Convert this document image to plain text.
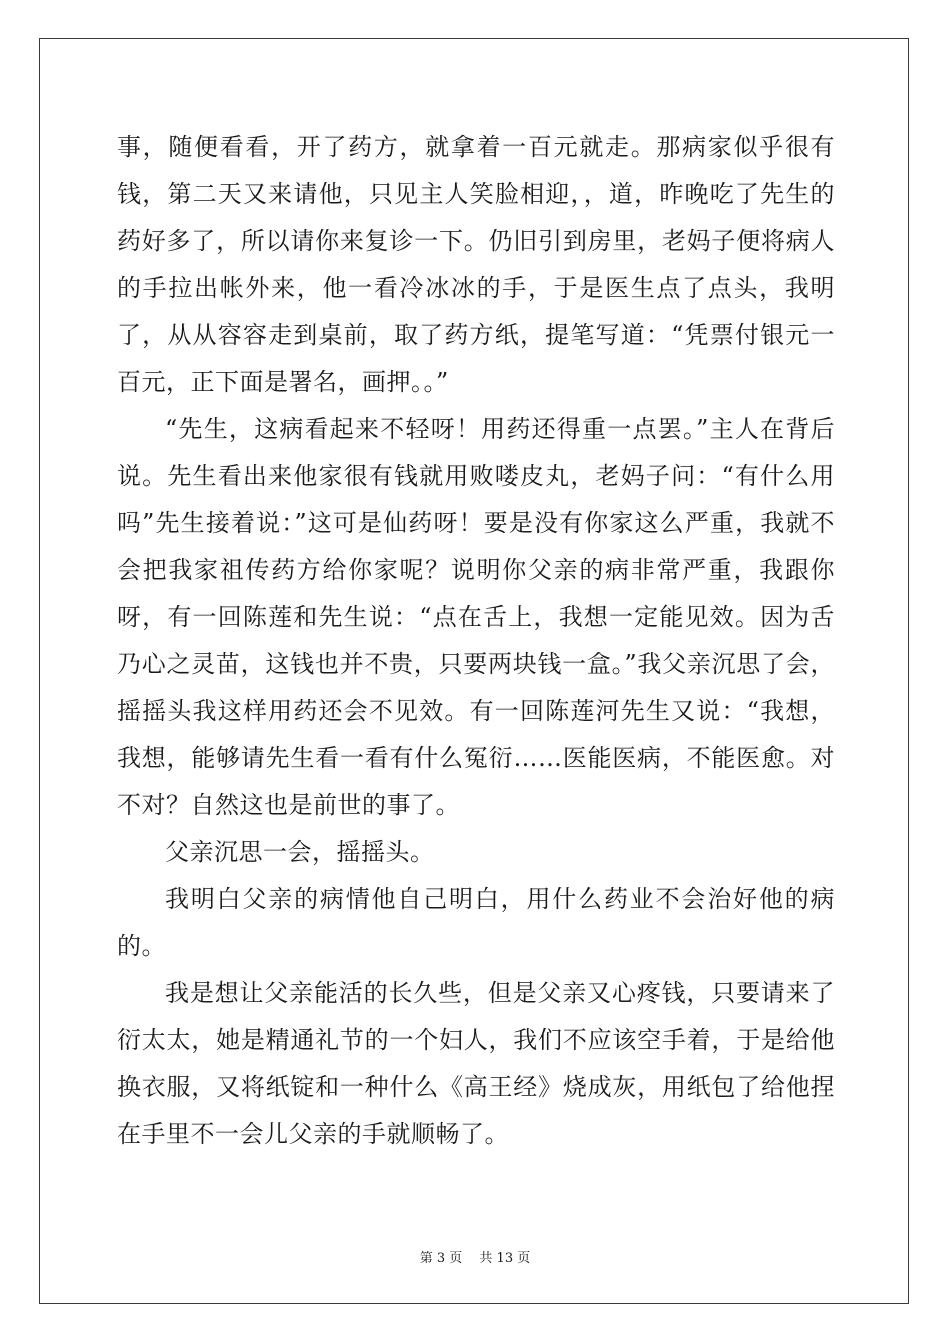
事，随便看看，开了药方，就拿着一百元就走。那病家似乎很有钱，第二天又来请他，只见主人笑脸相迎，，道，昨晚吃了先生的药好多了，所以请你来复诊一下。仍旧引到房里，老妈子便将病人的手拉出帐外来，他一看冷冰冰的手，于是医生点了点头，我明了，从从容容走到桌前，取了药方纸，提笔写道：“凭票付银元一百元，正下面是署名，画押。。”

“先生，这病看起来不轻呀！用药还得重一点罢。”主人在背后说。先生看出来他家很有钱就用败喽皮丸，老妈子问：“有什么用吗”先生接着说：”这可是仙药呀！要是没有你家这么严重，我就不会把我家祖传药方给你家呢？说明你父亲的病非常严重，我跟你呀，有一回陈莲和先生说：“点在舌上，我想一定能见效。因为舌乃心之灵苗，这钱也并不贵，只要两块钱一盒。”我父亲沉思了会，摇摇头我这样用药还会不见效。有一回陈莲河先生又说：“我想，我想，能够请先生看一看有什么冤衍……医能医病，不能医愈。对不对？自然这也是前世的事了。

父亲沉思一会，摇摇头。

我明白父亲的病情他自己明白，用什么药业不会治好他的病的。

我是想让父亲能活的长久些，但是父亲又心疼钱，只要请来了衍太太，她是精通礼节的一个妇人，我们不应该空手着，于是给他换衣服，又将纸锭和一种什么《高王经》烧成灰，用纸包了给他捏在手里不一会儿父亲的手就顺畅了。

第 3 页　 共 13 页
